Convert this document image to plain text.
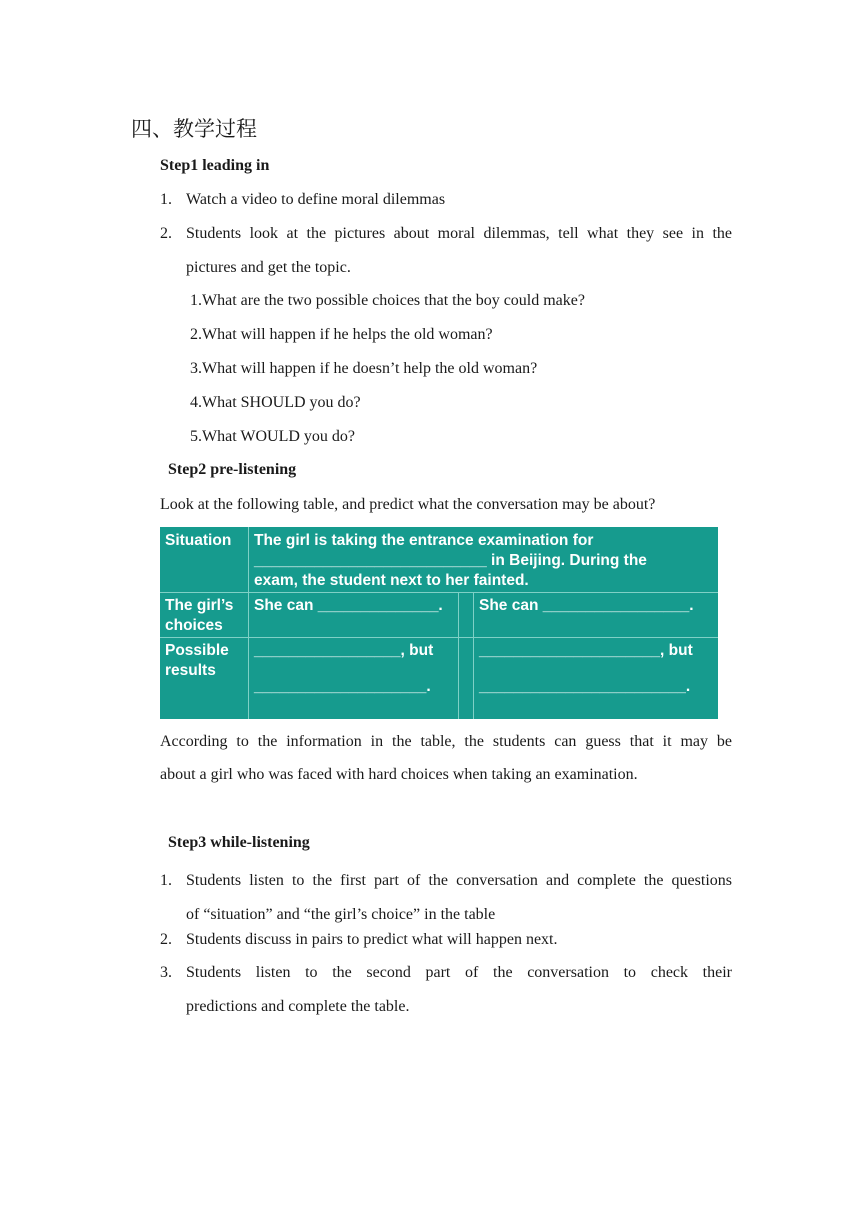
四、教学过程
Step1 leading in
1. Watch a video to define moral dilemmas
2. Students look at the pictures about moral dilemmas, tell what they see in the
pictures and get the topic.
1.What are the two possible choices that the boy could make?
2.What will happen if he helps the old woman?
3.What will happen if he doesn’t help the old woman?
4.What SHOULD you do?
5.What WOULD you do?
Step2 pre-listening
Look at the following table, and predict what the conversation may be about?
Situation The girl is taking the entrance examination for
___________________________ in Beijing. During the
exam, the student next to her fainted.
The girl’s
choices
She can ______________. She can _________________.
Possible
results
_________________, but
____________________.
_____________________, but
________________________.
According to the information in the table, the students can guess that it may be
about a girl who was faced with hard choices when taking an examination.
Step3 while-listening
1. Students listen to the first part of the conversation and complete the questions
of “situation” and “the girl’s choice” in the table
2. Students discuss in pairs to predict what will happen next.
3. Students listen to the second part of the conversation to check their
predictions and complete the table.
